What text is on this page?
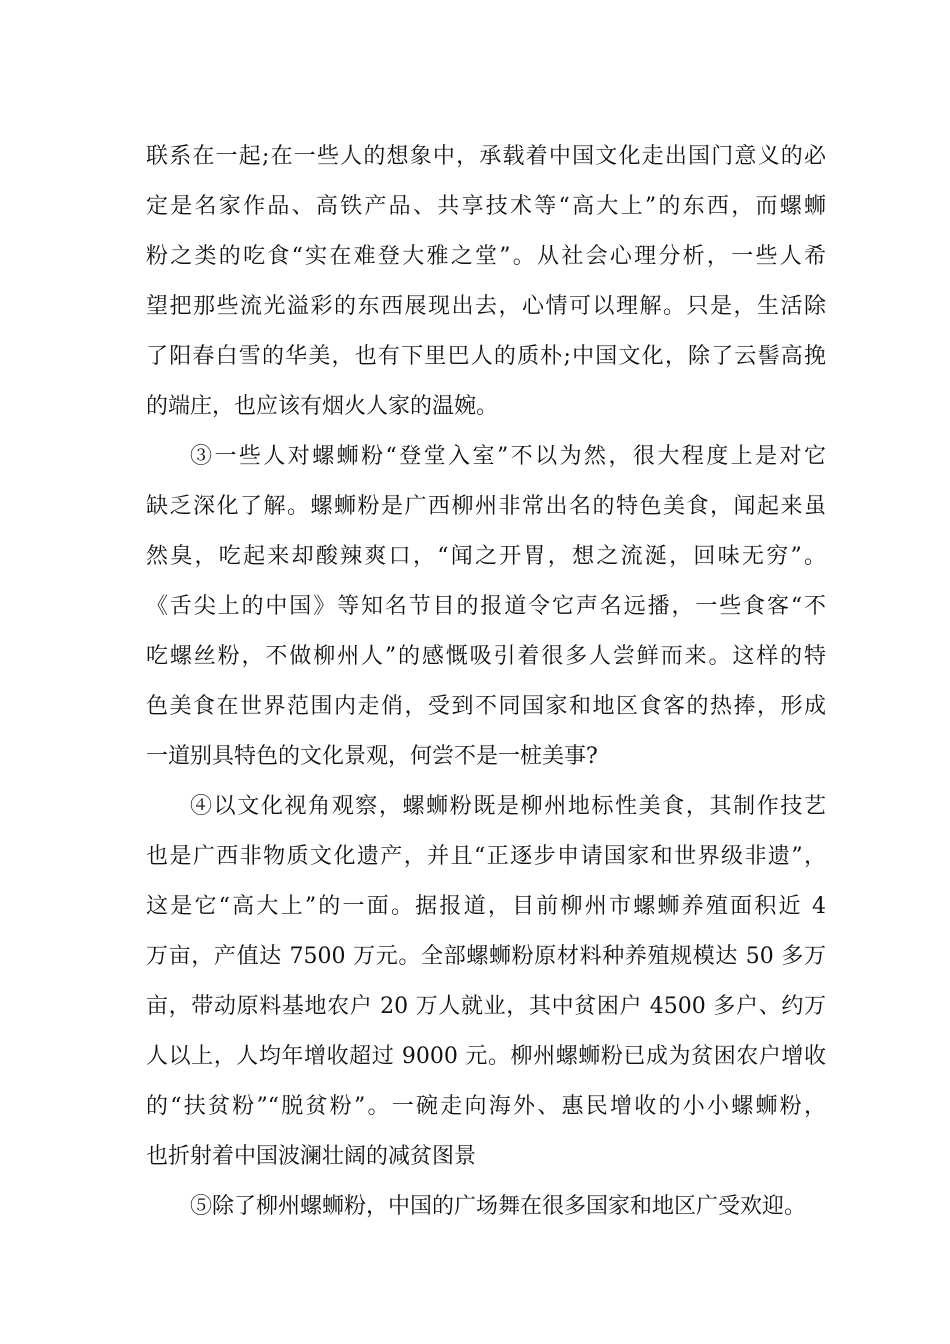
联系在一起;在一些人的想象中，承载着中国文化走出国门意义的必
定是名家作品、高铁产品、共享技术等“高大上”的东西，而螺蛳
粉之类的吃食“实在难登大雅之堂”。从社会心理分析，一些人希
望把那些流光溢彩的东西展现出去，心情可以理解。只是，生活除
了阳春白雪的华美，也有下里巴人的质朴;中国文化，除了云髻高挽
的端庄，也应该有烟火人家的温婉。
③一些人对螺蛳粉“登堂入室”不以为然，很大程度上是对它
缺乏深化了解。螺蛳粉是广西柳州非常出名的特色美食，闻起来虽
然臭，吃起来却酸辣爽口，“闻之开胃，想之流涎，回味无穷”。
《舌尖上的中国》等知名节目的报道令它声名远播，一些食客“不
吃螺丝粉，不做柳州人”的感慨吸引着很多人尝鲜而来。这样的特
色美食在世界范围内走俏，受到不同国家和地区食客的热捧，形成
一道别具特色的文化景观，何尝不是一桩美事?
④以文化视角观察，螺蛳粉既是柳州地标性美食，其制作技艺
也是广西非物质文化遗产，并且“正逐步申请国家和世界级非遗”，
这是它“高大上”的一面。据报道，目前柳州市螺蛳养殖面积近 4
万亩，产值达 7500 万元。全部螺蛳粉原材料种养殖规模达 50 多万
亩，带动原料基地农户 20 万人就业，其中贫困户 4500 多户、约万
人以上，人均年增收超过 9000 元。柳州螺蛳粉已成为贫困农户增收
的“扶贫粉”“脱贫粉”。一碗走向海外、惠民增收的小小螺蛳粉，
也折射着中国波澜壮阔的减贫图景
⑤除了柳州螺蛳粉，中国的广场舞在很多国家和地区广受欢迎。
